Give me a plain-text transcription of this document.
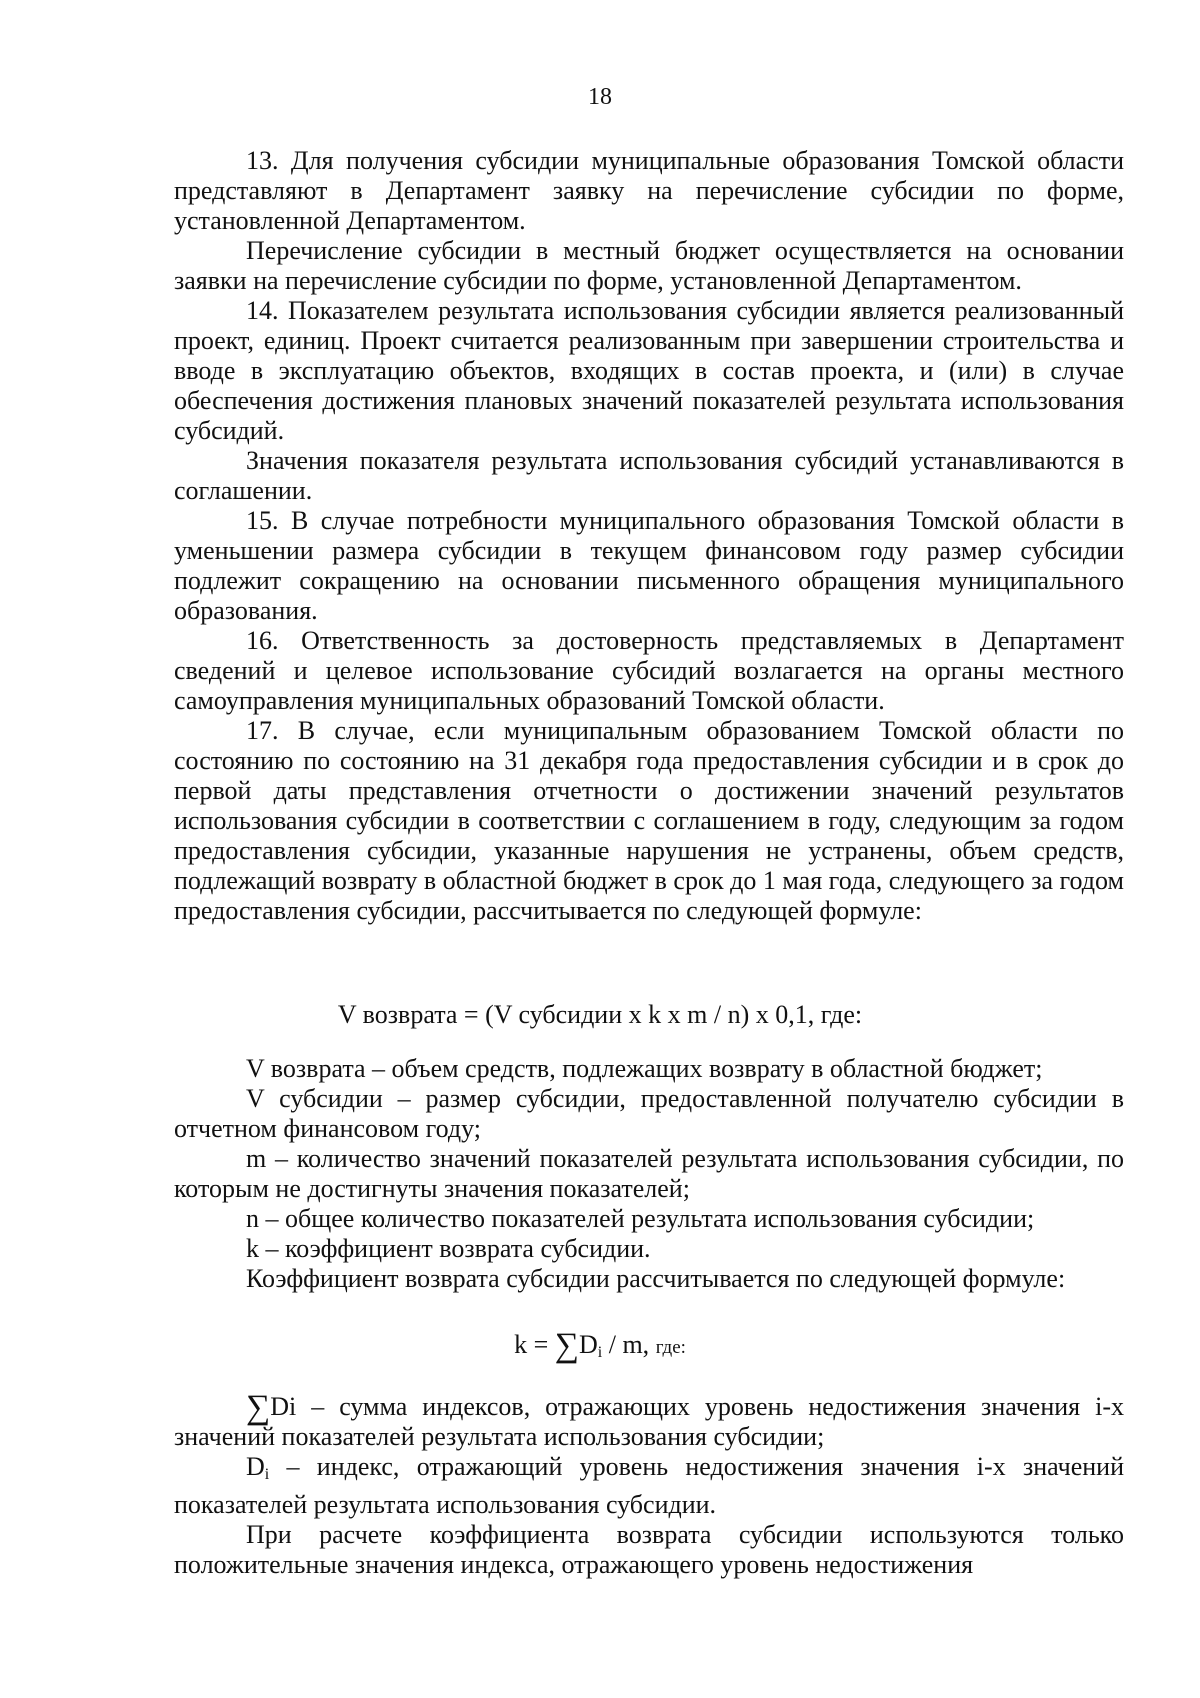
18

13. Для получения субсидии муниципальные образования Томской области представляют в Департамент заявку на перечисление субсидии по форме, установленной Департаментом.

Перечисление субсидии в местный бюджет осуществляется на основании заявки на перечисление субсидии по форме, установленной Департаментом.

14. Показателем результата использования субсидии является реализованный проект, единиц. Проект считается реализованным при завершении строительства и вводе в эксплуатацию объектов, входящих в состав проекта, и (или) в случае обеспечения достижения плановых значений показателей результата использования субсидий.

Значения показателя результата использования субсидий устанавливаются в соглашении.

15. В случае потребности муниципального образования Томской области в уменьшении размера субсидии в текущем финансовом году размер субсидии подлежит сокращению на основании письменного обращения муниципального образования.

16. Ответственность за достоверность представляемых в Департамент сведений и целевое использование субсидий возлагается на органы местного самоуправления муниципальных образований Томской области.

17. В случае, если муниципальным образованием Томской области по состоянию по состоянию на 31 декабря года предоставления субсидии и в срок до первой даты представления отчетности о достижении значений результатов использования субсидии в соответствии с соглашением в году, следующим за годом предоставления субсидии, указанные нарушения не устранены, объем средств, подлежащий возврату в областной бюджет в срок до 1 мая года, следующего за годом предоставления субсидии, рассчитывается по следующей формуле:

V возврата = (V субсидии x k x m / n) x 0,1, где:

V возврата – объем средств, подлежащих возврату в областной бюджет;

V субсидии – размер субсидии, предоставленной получателю субсидии в отчетном финансовом году;

m – количество значений показателей результата использования субсидии, по которым не достигнуты значения показателей;

n – общее количество показателей результата использования субсидии;

k – коэффициент возврата субсидии.

Коэффициент возврата субсидии рассчитывается по следующей формуле:

$k = \sum D_i / m$, где:

∑Di – сумма индексов, отражающих уровень недостижения значения i-х значений показателей результата использования субсидии;

$D_i$ – индекс, отражающий уровень недостижения значения i-х значений показателей результата использования субсидии.

При расчете коэффициента возврата субсидии используются только положительные значения индекса, отражающего уровень недостижения
